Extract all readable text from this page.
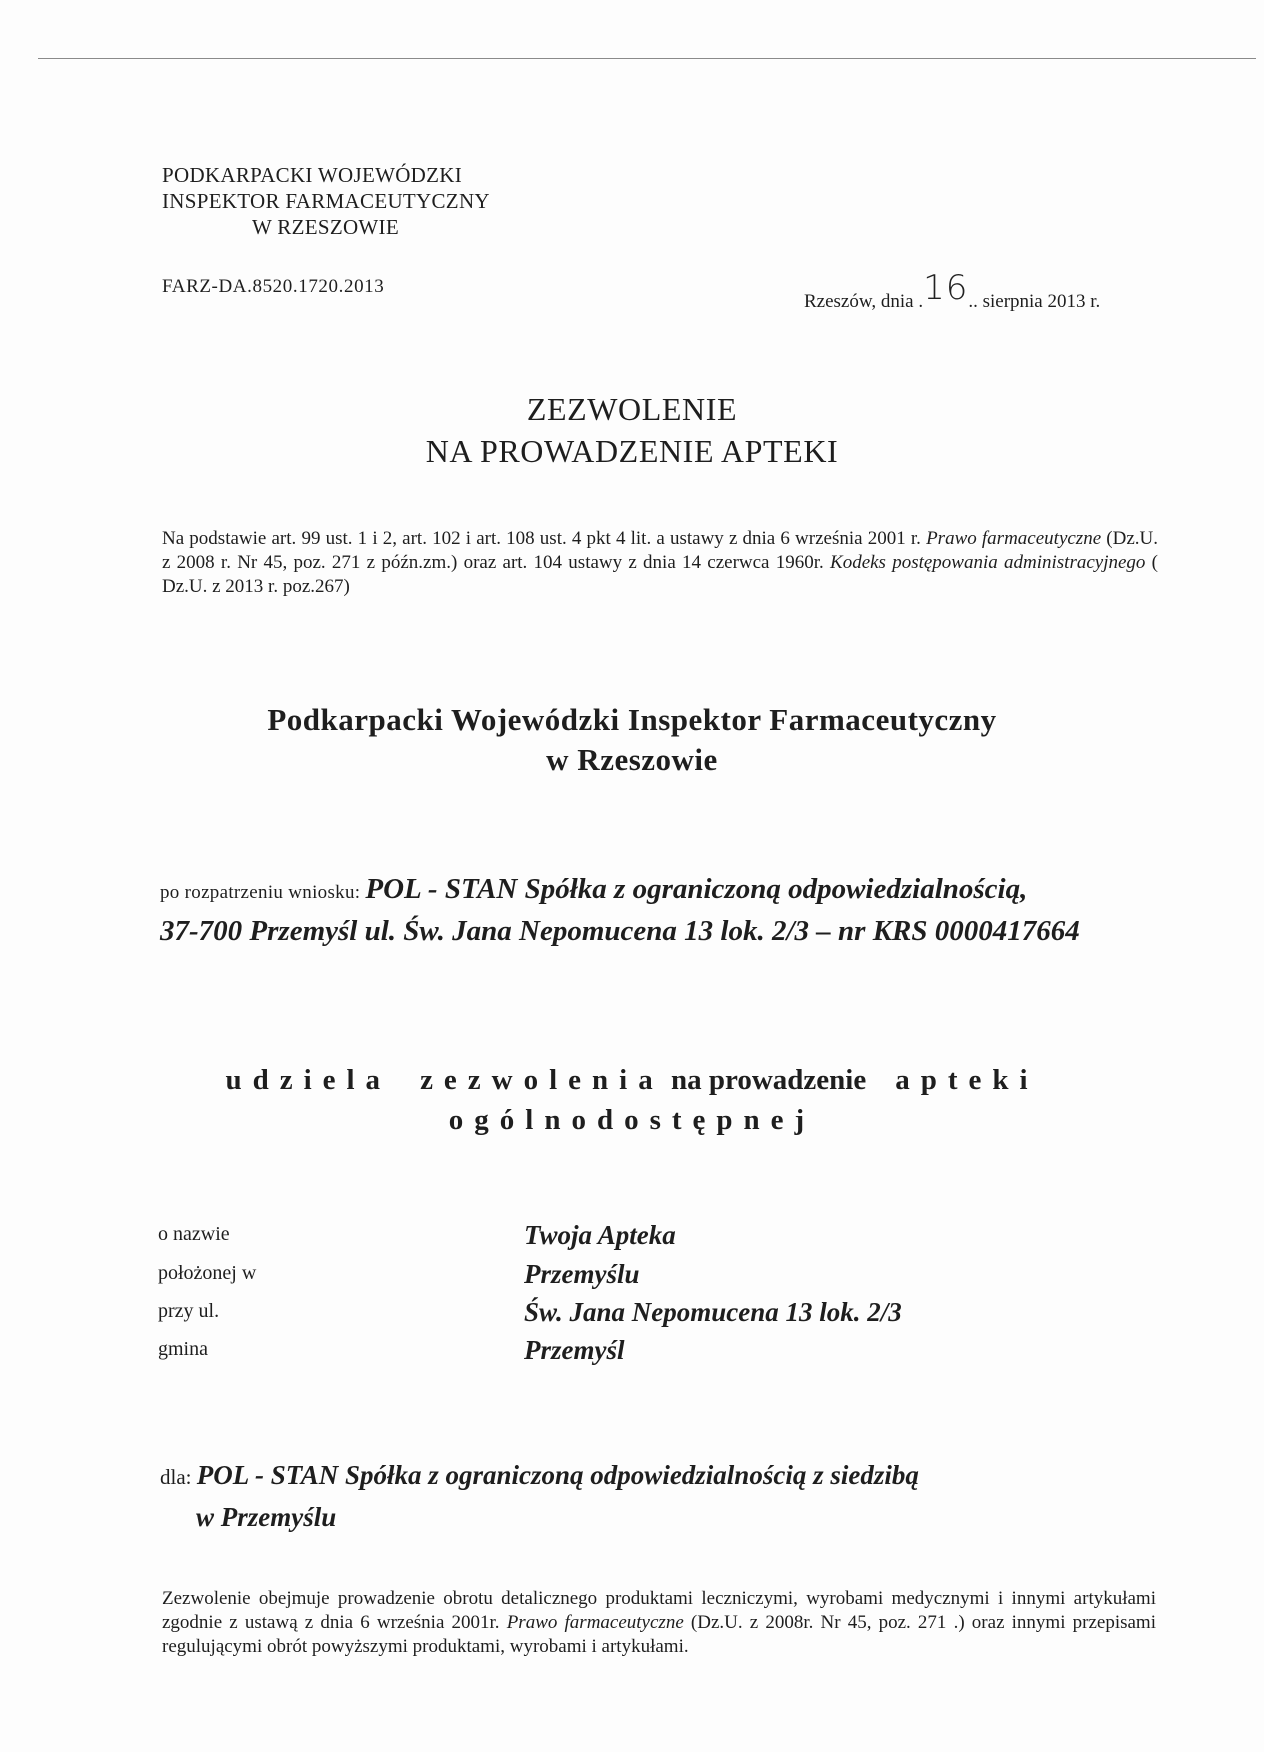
PODKARPACKI WOJEWÓDZKI
INSPEKTOR FARMACEUTYCZNY
W RZESZOWIE
FARZ-DA.8520.1720.2013
Rzeszów, dnia .16.. sierpnia 2013 r.
ZEZWOLENIE
NA PROWADZENIE APTEKI
Na podstawie art. 99 ust. 1 i 2, art. 102 i art. 108 ust. 4 pkt 4 lit. a ustawy z dnia 6 września 2001 r. Prawo farmaceutyczne (Dz.U. z 2008 r. Nr 45, poz. 271 z późn.zm.) oraz art. 104 ustawy z dnia 14 czerwca 1960r. Kodeks postępowania administracyjnego ( Dz.U. z 2013 r. poz.267)
Podkarpacki Wojewódzki Inspektor Farmaceutyczny
w Rzeszowie
po rozpatrzeniu wniosku: POL - STAN Spółka z ograniczoną odpowiedzialnością,
37-700 Przemyśl ul. Św. Jana Nepomucena 13 lok. 2/3 – nr KRS 0000417664
udziela zezwolenia na prowadzenie apteki
ogólnodostępnej
o nazwie	Twoja Apteka
położonej w	Przemyślu
przy ul.	Św. Jana Nepomucena 13 lok. 2/3
gmina	Przemyśl
dla: POL - STAN Spółka z ograniczoną odpowiedzialnością z siedzibą
w Przemyślu
Zezwolenie obejmuje prowadzenie obrotu detalicznego produktami leczniczymi, wyrobami medycznymi i innymi artykułami zgodnie z ustawą z dnia 6 września 2001r. Prawo farmaceutyczne (Dz.U. z 2008r. Nr 45, poz. 271 .) oraz innymi przepisami regulującymi obrót powyższymi produktami, wyrobami i artykułami.
